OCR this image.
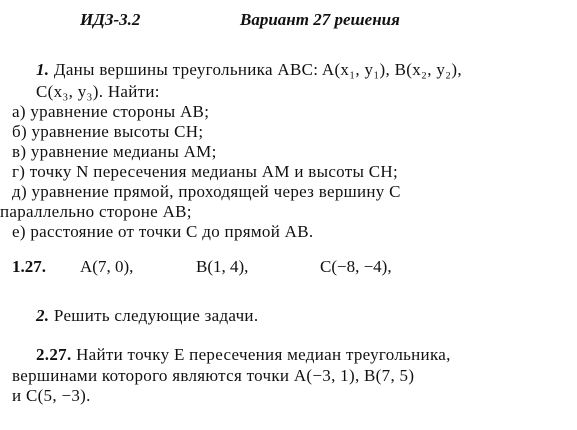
ИДЗ-3.2	Вариант 27 решения
1. Даны вершины треугольника ABC: A(x₁, y₁), B(x₂, y₂),
C(x₃, y₃). Найти:
а) уравнение стороны AB;
б) уравнение высоты CH;
в) уравнение медианы AM;
г) точку N пересечения медианы AM и высоты CH;
д) уравнение прямой, проходящей через вершину C
параллельно стороне AB;
е) расстояние от точки C до прямой AB.
1.27. A(7, 0),	B(1, 4),	C(−8, −4),
2. Решить следующие задачи.
2.27. Найти точку E пересечения медиан треугольника,
вершинами которого являются точки A(−3, 1), B(7, 5)
и C(5, −3).
